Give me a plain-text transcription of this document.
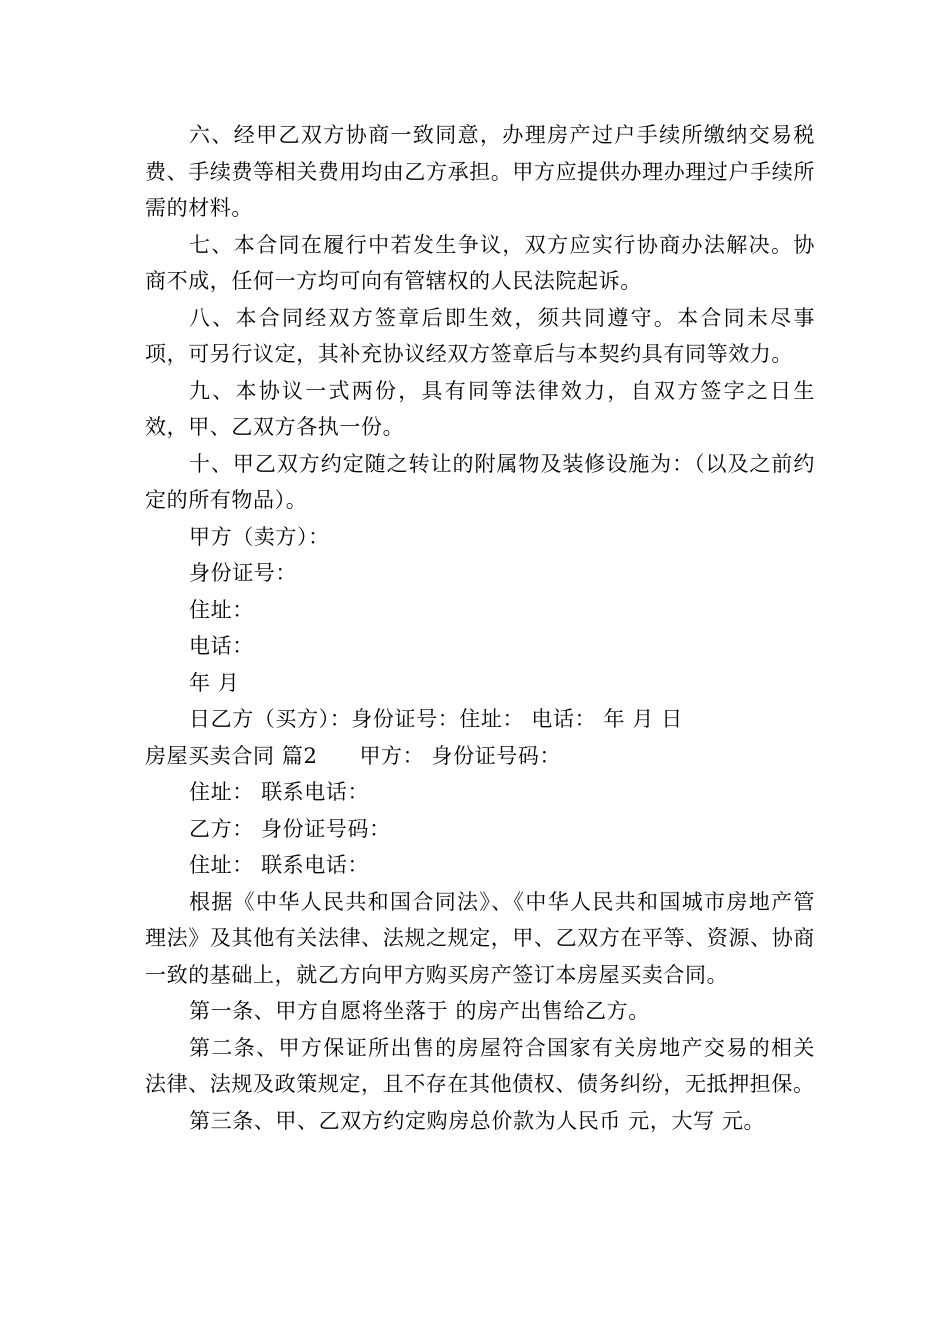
六、经甲乙双方协商一致同意，办理房产过户手续所缴纳交易税费、手续费等相关费用均由乙方承担。甲方应提供办理办理过户手续所需的材料。

七、本合同在履行中若发生争议，双方应实行协商办法解决。协商不成，任何一方均可向有管辖权的人民法院起诉。

八、本合同经双方签章后即生效，须共同遵守。本合同未尽事项，可另行议定，其补充协议经双方签章后与本契约具有同等效力。

九、本协议一式两份，具有同等法律效力，自双方签字之日生效，甲、乙双方各执一份。

十、甲乙双方约定随之转让的附属物及装修设施为：（以及之前约定的所有物品）。

甲方（卖方）：

身份证号：

住址：

电话：

年 月

日乙方（买方）：身份证号：住址： 电话： 年 月 日

房屋买卖合同 篇2 甲方： 身份证号码：

住址： 联系电话：

乙方： 身份证号码：

住址： 联系电话：

根据《中华人民共和国合同法》、《中华人民共和国城市房地产管理法》及其他有关法律、法规之规定，甲、乙双方在平等、资源、协商一致的基础上，就乙方向甲方购买房产签订本房屋买卖合同。

第一条、甲方自愿将坐落于 的房产出售给乙方。

第二条、甲方保证所出售的房屋符合国家有关房地产交易的相关法律、法规及政策规定，且不存在其他债权、债务纠纷，无抵押担保。

第三条、甲、乙双方约定购房总价款为人民币 元，大写 元。
